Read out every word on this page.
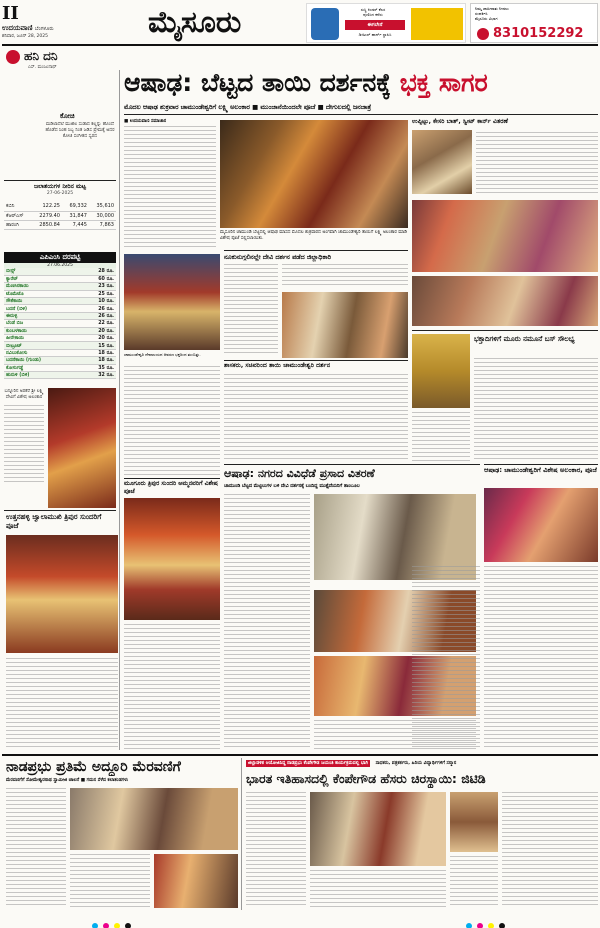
II
ಉದಯವಾಣಿ ಬೆಂಗಳೂರು
ಶನಿವಾರ, ಜೂನ್ 28, 2025	ಮೈಸೂರು	ಸುಸ್ಥಿ ಕಿಂಡರ್ ಕೆಲಸ
ಪುಣಿಸಿದ ಕನೆರು
ಈಗಲೇನೆ
ಡಿಜಿಟಲ್ ಹಾರ್ನ್ ಸ್ಥಾಪಿಸಿ
ನಿಮ್ಮ ಜಾಹೀರಾತು ನೀಡಲು
ಸಂಪರ್ಕಿಸಿ
ಮೈಸೂರು ವಿಭಾಗ
8310152292
ಹನಿ ದನಿ
ಎಸ್. ಮಂಜುನಾಥ್
ಕೋಚಿ
ಮಡಿಲಾದೆಲೆ ಮುಖಿಲ ಸುಡಾದ ಕಲ್ಲನ್ನು ಹೊಂದೆ ಹೊಡೆದ ಸಿಂಹ ಸಿಬ್ಬ ನಿಂತ ಜಡಿಸ ಪ್ರೇಮಕ್ಕೆ ಅದರ ಕೋಚಿ ಸಂಗೀತದ ಸ್ವರದ
ಜಲಾಶಯಗಳ ನೀರಿನ ಮಟ್ಟ
27-06-2025
ಕಬಿನಿ	122.25	69,332	35,610
ಕೆಆರ್‌ಎಸ್	2279.40	31,847	30,000
ಹಾರಂಗಿ	2850.84	7,445	7,863
ಎಪಿಎಂಸಿ ದರಪಟ್ಟಿ
27.06.2025
ಬೀನ್ಸ್	28 ರೂ.
ಕ್ಯಾರೆಟ್	60 ರೂ.
ಮೆಣಸಿನಕಾಯಿ	23 ರೂ.
ಟೊಮೆಟೊ	25 ರೂ.
ಸೌತೆಕಾಯಿ	10 ರೂ.
ಬದನೆ (ಬಿಳಿ)	26 ರೂ.
ಈರುಳ್ಳಿ	26 ರೂ.
ಬೆಂಡೆ ಬಿಜ	22 ರೂ.
ಕುಂಬಳಕಾಯಿ	20 ರೂ.
ಹೀರೇಕಾಯಿ	20 ರೂ.
ಬೀಟ್ರೂಟ್	15 ರೂ.
ನವಿಲುಕೋಸು	18 ರೂ.
ಬದನೆಕಾಯಿ (ಗುಂಡು)	18 ರೂ.
ಕೋಸುಗಡ್ಡೆ	35 ರೂ.
ಹುರುಳಿ (ಬಿಳಿ)	32 ರೂ.
ಬನ್ನೂರಿನ ಅರಕೆರೆ ಶ್ರೀ ಲಕ್ಷ್ಮಿ ದೇವಿಗೆ ವಿಶೇಷ ಅಲಂಕಾರ
ಉತ್ತನಹಳ್ಳಿ ಜ್ವಾಲಾಮುಖಿ ತ್ರಿಪುರ ಸುಂದರಿಗೆ ಪೂಜೆ
ಆಷಾಢ: ಬೆಟ್ಟದ ತಾಯಿ ದರ್ಶನಕ್ಕೆ ಭಕ್ತ ಸಾಗರ
ಮೊದಲ ಆಷಾಢ ಶುಕ್ರವಾರ ಚಾಮುಂಡೇಶ್ವರಿಗೆ ಲಕ್ಷ್ಮಿ ಅಲಂಕಾರ ■ ಮುಂಜಾನೆಯಿಂದಲೇ ಪೂಜೆ ■ ದೇಗುಲದಲ್ಲಿ ಜನಜಾತ್ರೆ
■ ಉದಯವಾಣಿ ಸಮಾಚಾರ
ಮೈಸೂರಿನ ಚಾಮುಂಡಿ ಬೆಟ್ಟದಲ್ಲಿ ಆಷಾಢ ಮಾಸದ ಮೊದಲ ಶುಕ್ರವಾರದ ಅಂಗವಾಗಿ ಚಾಮುಂಡೇಶ್ವರಿ ತಾಯಿಗೆ ಲಕ್ಷ್ಮಿ ಅಲಂಕಾರ ಮಾಡಿ ವಿಶೇಷ ಪೂಜೆ ಸಲ್ಲಿಸಲಾಯಿತು.
ಚಾಮುಂಡೇಶ್ವರಿ ದೇವಾಲಯದ ಆವರಣ ಭಕ್ತರಿಂದ ತುಂಬಿತ್ತು.
ನೂಕುನುಗ್ಗಲಿನಲ್ಲೇ ದೇವಿ ದರ್ಶನ ಪಡೆದ ಜಿಲ್ಲಾಧಿಕಾರಿ
ಶಾಸಕರು, ಸಚಿವರಿಂದ ತಾಯಿ ಚಾಮುಂಡೇಶ್ವರಿ ದರ್ಶನ
ಉಪ್ಪಿಟ್ಟು, ಕೇಸರಿ ಬಾತ್, ಸ್ವೀಟ್ ಕಾರ್ನ್ ವಿತರಣೆ
ಭಕ್ತಾದಿಗಳಿಗೆ ಮೂರು ನಮೂನೆ ಬಸ್ ಸೌಲಭ್ಯ
ಮೂಗೂರು ತ್ರಿಪುರ ಸುಂದರಿ ಅಮ್ಮನವರಿಗೆ ವಿಶೇಷ ಪೂಜೆ
ಆಷಾಢ: ನಗರದ ವಿವಿಧೆಡೆ ಪ್ರಸಾದ ವಿತರಣೆ
ಚಾಮುಂಡಿ ಬೆಟ್ಟದ ಮೆಟ್ಟಿಲುಗಳ ಬಳಿ ದೇವಿ ದರ್ಶನಕ್ಕೆ ಬಂದಿದ್ದ ಮುತ್ತೈದೆಯರಿಗೆ ತಾಂಬೂಲ
ಆಷಾಢ: ಚಾಮುಂಡೇಶ್ವರಿಗೆ ವಿಶೇಷ ಅಲಂಕಾರ, ಪೂಜೆ
ನಾಡಪ್ರಭು ಪ್ರತಿಮೆ ಅದ್ಧೂರಿ ಮೆರವಣಿಗೆ
ಮೆರವಣಿಗೆಗೆ ಸೋಮೇಶ್ವರನಾಥ ಸ್ವಾಮೀಜಿ ಚಾಲನೆ ■ ಗಮನ ಸೆಳೆದ ಕಲಾತಂಡಗಳು
ಜಿಲ್ಲಾಡಳಿತ ಆಯೋಜಿಸಿದ್ದ ನಾಡಪ್ರಭು ಕೆಂಪೇಗೌಡ ಜಯಂತಿ ಕಾರ್ಯಕ್ರಮದಲ್ಲಿ ಭಾಗಿ ಸಾಧಕರು, ಪತ್ರಕರ್ತರು, ಹಿರಿಯ ವಿದ್ಯಾರ್ಥಿಗಳಿಗೆ ಸನ್ಮಾನ
ಭಾರತ ಇತಿಹಾಸದಲ್ಲಿ ಕೆಂಪೇಗೌಡ ಹೆಸರು ಚಿರಸ್ಥಾಯಿ: ಜಿಟಿಡಿ
